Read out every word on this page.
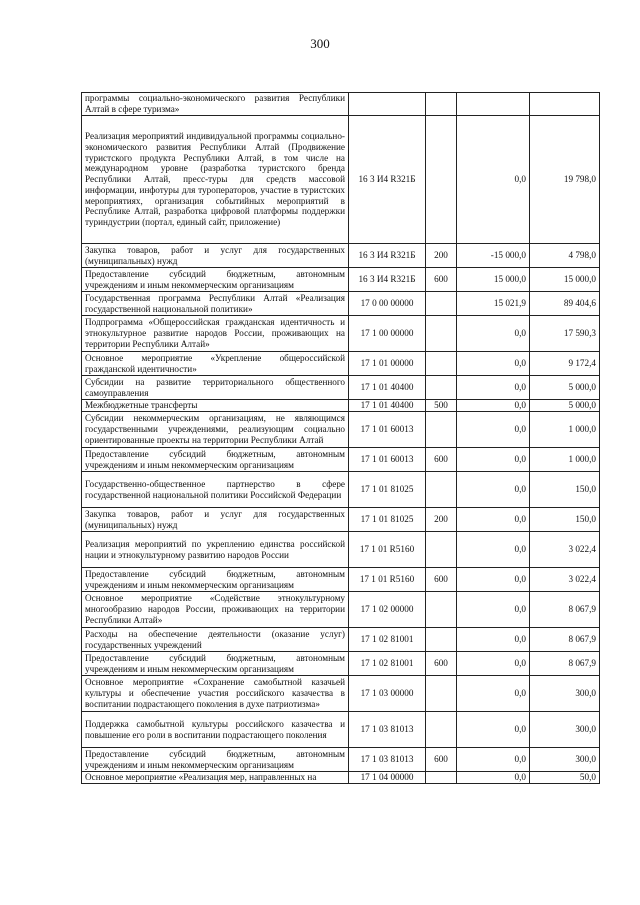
300
программы социально-экономического развития Республики Алтай в сфере туризма»				
Реализация мероприятий индивидуальной программы социально-экономического развития Республики Алтай (Продвижение туристского продукта Республики Алтай, в том числе на международном уровне (разработка туристского бренда Республики Алтай, пресс-туры для средств массовой информации, инфотуры для туроператоров, участие в туристских мероприятиях, организация событийных мероприятий в Республике Алтай, разработка цифровой платформы поддержки туриндустрии (портал, единый сайт, приложение)	16 3 И4 R321Б		0,0	19 798,0
Закупка товаров, работ и услуг для государственных (муниципальных) нужд	16 3 И4 R321Б	200	-15 000,0	4 798,0
Предоставление субсидий бюджетным, автономным учреждениям и иным некоммерческим организациям	16 3 И4 R321Б	600	15 000,0	15 000,0
Государственная программа Республики Алтай «Реализация государственной национальной политики»	17 0 00 00000		15 021,9	89 404,6
Подпрограмма «Общероссийская гражданская идентичность и этнокультурное развитие народов России, проживающих на территории Республики Алтай»	17 1 00 00000		0,0	17 590,3
Основное мероприятие «Укрепление общероссийской гражданской идентичности»	17 1 01 00000		0,0	9 172,4
Субсидии на развитие территориального общественного самоуправления	17 1 01 40400		0,0	5 000,0
Межбюджетные трансферты	17 1 01 40400	500	0,0	5 000,0
Субсидии некоммерческим организациям, не являющимся государственными учреждениями, реализующим социально ориентированные проекты на территории Республики Алтай	17 1 01 60013		0,0	1 000,0
Предоставление субсидий бюджетным, автономным учреждениям и иным некоммерческим организациям	17 1 01 60013	600	0,0	1 000,0
Государственно-общественное партнерство в сфере государственной национальной политики Российской Федерации	17 1 01 81025		0,0	150,0
Закупка товаров, работ и услуг для государственных (муниципальных) нужд	17 1 01 81025	200	0,0	150,0
Реализация мероприятий по укреплению единства российской нации и этнокультурному развитию народов России	17 1 01 R5160		0,0	3 022,4
Предоставление субсидий бюджетным, автономным учреждениям и иным некоммерческим организациям	17 1 01 R5160	600	0,0	3 022,4
Основное мероприятие «Содействие этнокультурному многообразию народов России, проживающих на территории Республики Алтай»	17 1 02 00000		0,0	8 067,9
Расходы на обеспечение деятельности (оказание услуг) государственных учреждений	17 1 02 81001		0,0	8 067,9
Предоставление субсидий бюджетным, автономным учреждениям и иным некоммерческим организациям	17 1 02 81001	600	0,0	8 067,9
Основное мероприятие «Сохранение самобытной казачьей культуры и обеспечение участия российского казачества в воспитании подрастающего поколения в духе патриотизма»	17 1 03 00000		0,0	300,0
Поддержка самобытной культуры российского казачества и повышение его роли в воспитании подрастающего поколения	17 1 03 81013		0,0	300,0
Предоставление субсидий бюджетным, автономным учреждениям и иным некоммерческим организациям	17 1 03 81013	600	0,0	300,0
Основное мероприятие «Реализация мер, направленных на	17 1 04 00000		0,0	50,0
